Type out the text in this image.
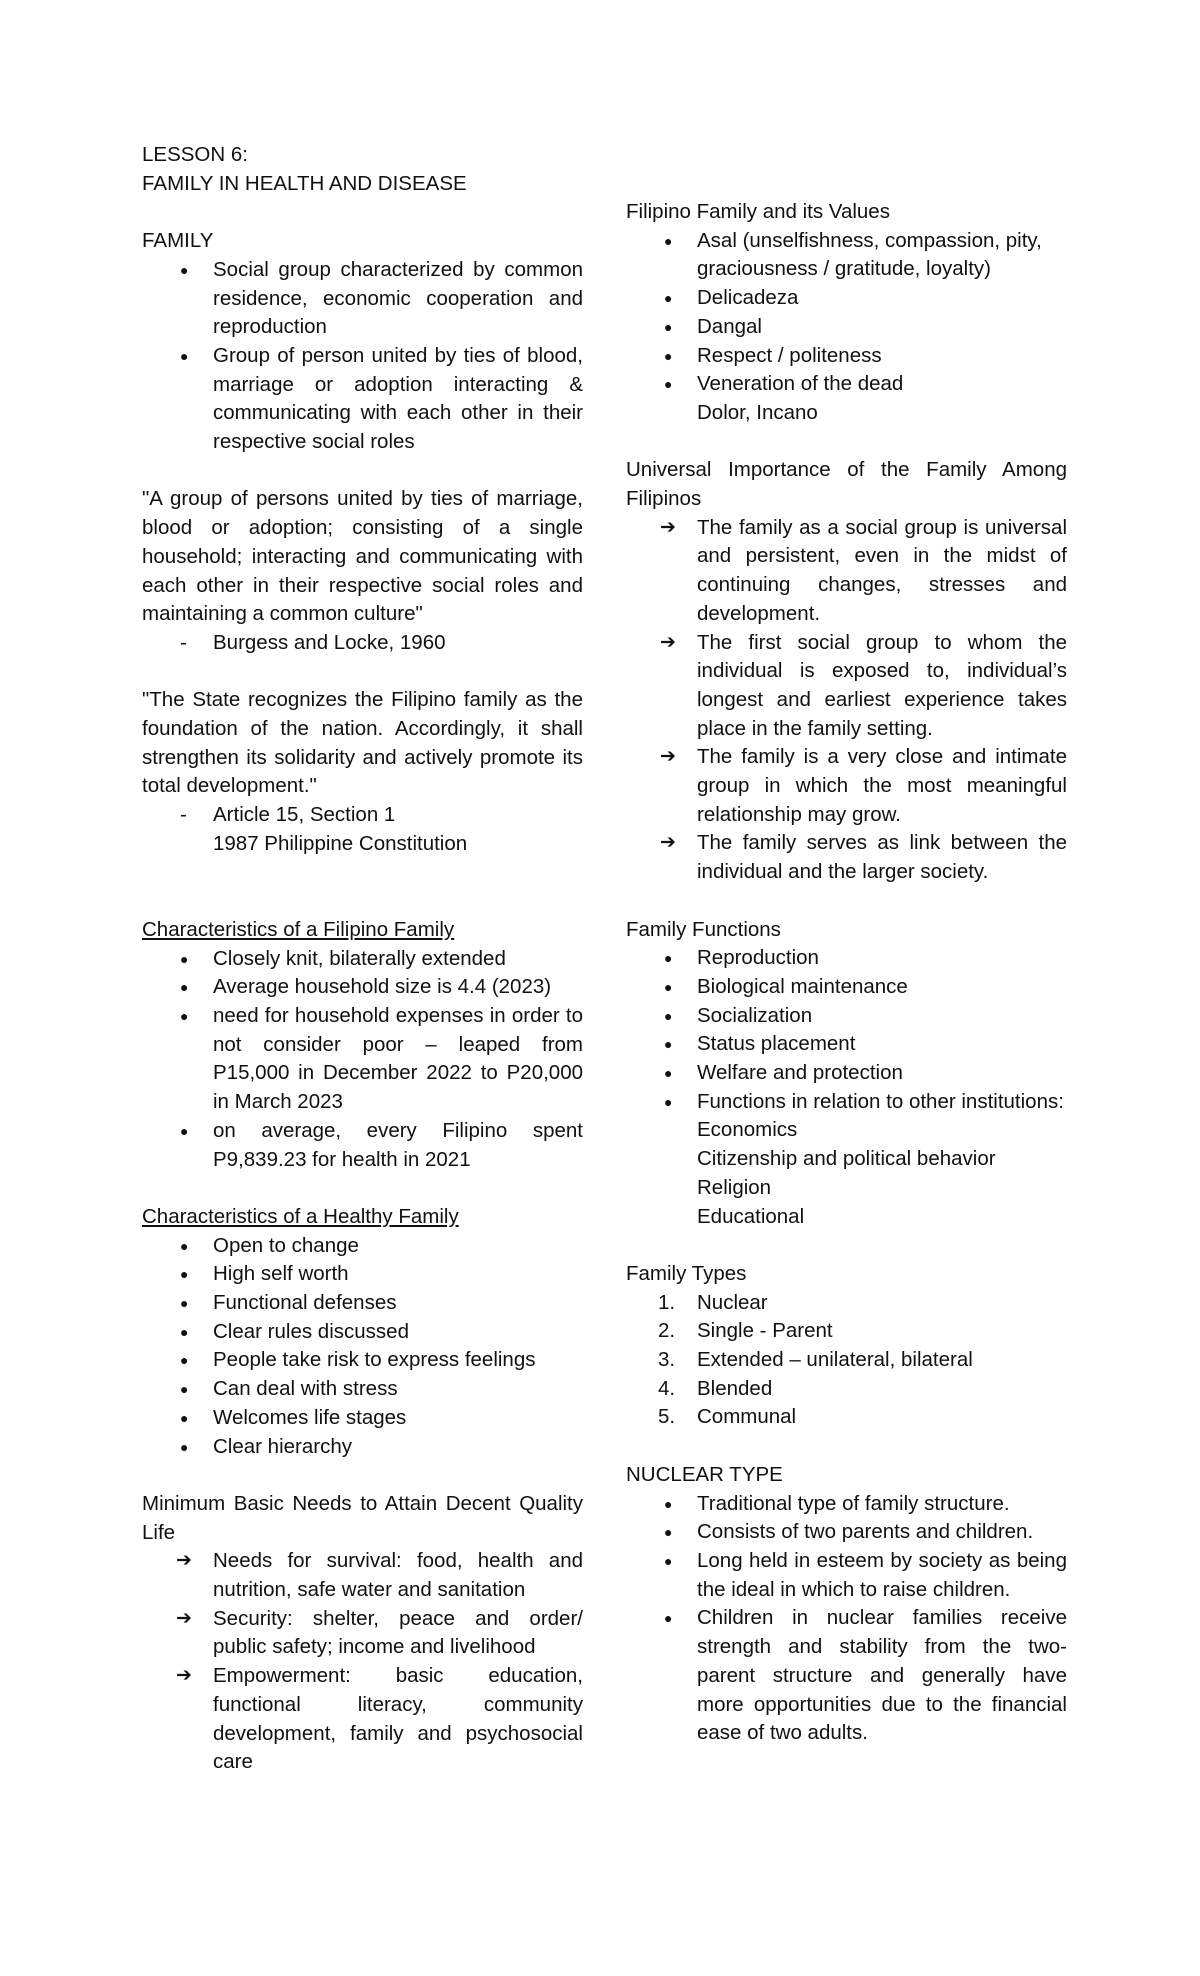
LESSON 6:

FAMILY IN HEALTH AND DISEASE

FAMILY

●	Social group characterized by common residence, economic cooperation and reproduction
●	Group of person united by ties of blood, marriage or adoption interacting & communicating with each other in their respective social roles

"A group of persons united by ties of marriage, blood or adoption; consisting of a single household; interacting and communicating with each other in their respective social roles and maintaining a common culture"

-	Burgess and Locke, 1960

"The State recognizes the Filipino family as the foundation of the nation. Accordingly, it shall strengthen its solidarity and actively promote its total development."

-	Article 15, Section 1
1987 Philippine Constitution

Characteristics of a Filipino Family

●	Closely knit, bilaterally extended
●	Average household size is 4.4 (2023)
●	need for household expenses in order to not consider poor – leaped from P15,000 in December 2022 to P20,000 in March 2023
●	on average, every Filipino spent P9,839.23 for health in 2021

Characteristics of a Healthy Family

●	Open to change
●	High self worth
●	Functional defenses
●	Clear rules discussed
●	People take risk to express feelings
●	Can deal with stress
●	Welcomes life stages
●	Clear hierarchy

Minimum Basic Needs to Attain Decent Quality Life

➔	Needs for survival: food, health and nutrition, safe water and sanitation
➔	Security: shelter, peace and order/ public safety; income and livelihood
➔	Empowerment: basic education, functional literacy, community development, family and psychosocial care

Filipino Family and its Values

●	Asal (unselfishness, compassion, pity, graciousness / gratitude, loyalty)
●	Delicadeza
●	Dangal
●	Respect / politeness
●	Veneration of the dead

Dolor, Incano

Universal Importance of the Family Among Filipinos

➔	The family as a social group is universal and persistent, even in the midst of continuing changes, stresses and development.
➔	The first social group to whom the individual is exposed to, individual’s longest and earliest experience takes place in the family setting.
➔	The family is a very close and intimate group in which the most meaningful relationship may grow.
➔	The family serves as link between the individual and the larger society.

Family Functions

●	Reproduction
●	Biological maintenance
●	Socialization
●	Status placement
●	Welfare and protection
●	Functions in relation to other institutions:

Economics

Citizenship and political behavior

Religion

Educational

Family Types

1.	Nuclear
2.	Single - Parent
3.	Extended – unilateral, bilateral
4.	Blended
5.	Communal

NUCLEAR TYPE

●	Traditional type of family structure.
●	Consists of two parents and children.
●	Long held in esteem by society as being the ideal in which to raise children.
●	Children in nuclear families receive strength and stability from the two-parent structure and generally have more opportunities due to the financial ease of two adults.
